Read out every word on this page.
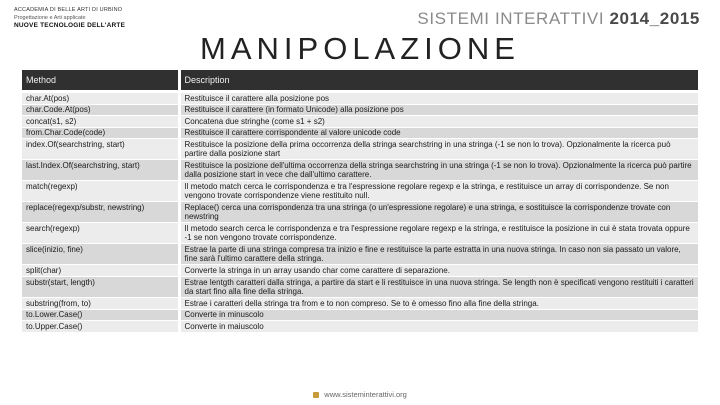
ACCADEMIA DI BELLE ARTI DI URBINO
Progettazione e Arti applicate
NUOVE TECNOLOGIE DELL'ARTE	SISTEMI INTERATTIVI 2014_2015
MANIPOLAZIONE
Method	Description
char.At(pos)	Restituisce il carattere alla posizione pos
char.Code.At(pos)	Restituisce il carattere (in formato Unicode) alla posizione pos
concat(s1, s2)	Concatena due stringhe (come s1 + s2)
from.Char.Code(code)	Restituisce il carattere corrispondente al valore unicode code
index.Of(searchstring, start)	Restituisce la posizione della prima occorrenza della stringa searchstring in una stringa (-1 se non lo trova). Opzionalmente la ricerca può partire dalla posizione start
last.Index.Of(searchstring, start)	Restituisce la posizione dell'ultima occorrenza della stringa searchstring in una stringa (-1 se non lo trova). Opzionalmente la ricerca può partire dalla posizione start in vece che dall'ultimo carattere.
match(regexp)	Il metodo match cerca le corrispondenza e tra l'espressione regolare regexp e la stringa, e restituisce un array di corrispondenze. Se non vengono trovate corrispondenze viene restituito null.
replace(regexp/substr, newstring)	Replace() cerca una corrispondenza tra una stringa (o un'espressione regolare) e una stringa, e sostituisce la corrispondenze trovate con newstring
search(regexp)	Il metodo search cerca le corrispondenza e tra l'espressione regolare regexp e la stringa, e restituisce la posizione in cui è stata trovata oppure -1 se non vengono trovate corrispondenze.
slice(inizio, fine)	Estrae la parte di una stringa compresa tra inizio e fine e restituisce la parte estratta in una nuova stringa. In caso non sia passato un valore, fine sarà l'ultimo carattere della stringa.
split(char)	Converte la stringa in un array usando char come carattere di separazione.
substr(start, length)	Estrae lentgth caratteri dalla stringa, a partire da start e li restituisce in una nuova stringa. Se length non è specificati vengono restituiti i caratteri da start fino alla fine della stringa.
substring(from, to)	Estrae i caratteri della stringa tra from e to non compreso. Se to è omesso fino alla fine della stringa.
to.Lower.Case()	Converte in minuscolo
to.Upper.Case()	Converte in maiuscolo
www.sisteminterattivi.org
